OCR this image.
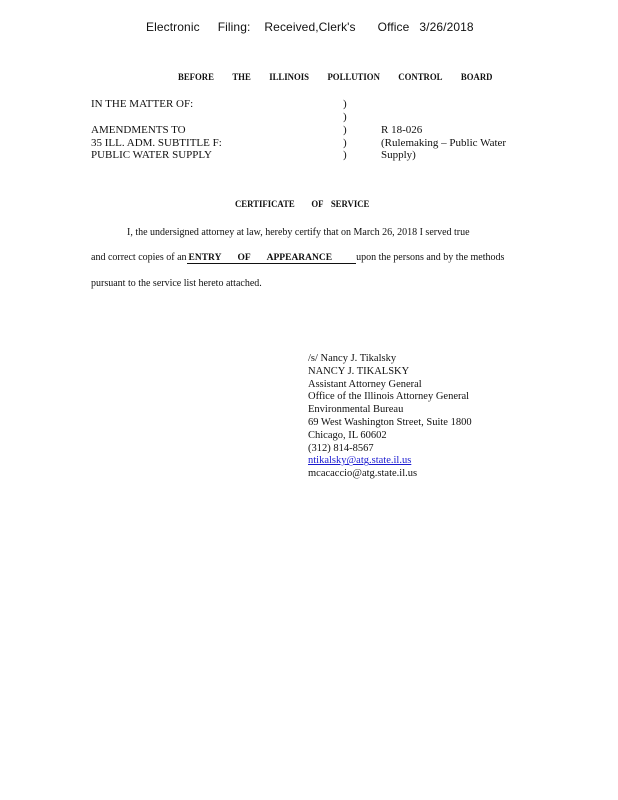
Electronic Filing: Received,Clerk's Office 3/26/2018
BEFORE THE ILLINOIS POLLUTION CONTROL BOARD
IN THE MATTER OF:
AMENDMENTS TO
35 ILL. ADM. SUBTITLE F:
PUBLIC WATER SUPPLY
)
)
)
)
)
R 18-026
(Rulemaking – Public Water
Supply)
CERTIFICATE OF SERVICE
I, the undersigned attorney at law, hereby certify that on March 26, 2018 I served true
and correct copies of an ENTRY OF APPEARANCE upon the persons and by the methods
pursuant to the service list hereto attached.
/s/ Nancy J. Tikalsky
NANCY J. TIKALSKY
Assistant Attorney General
Office of the Illinois Attorney General
Environmental Bureau
69 West Washington Street, Suite 1800
Chicago, IL 60602
(312) 814-8567
ntikalsky@atg.state.il.us
mcacaccio@atg.state.il.us
